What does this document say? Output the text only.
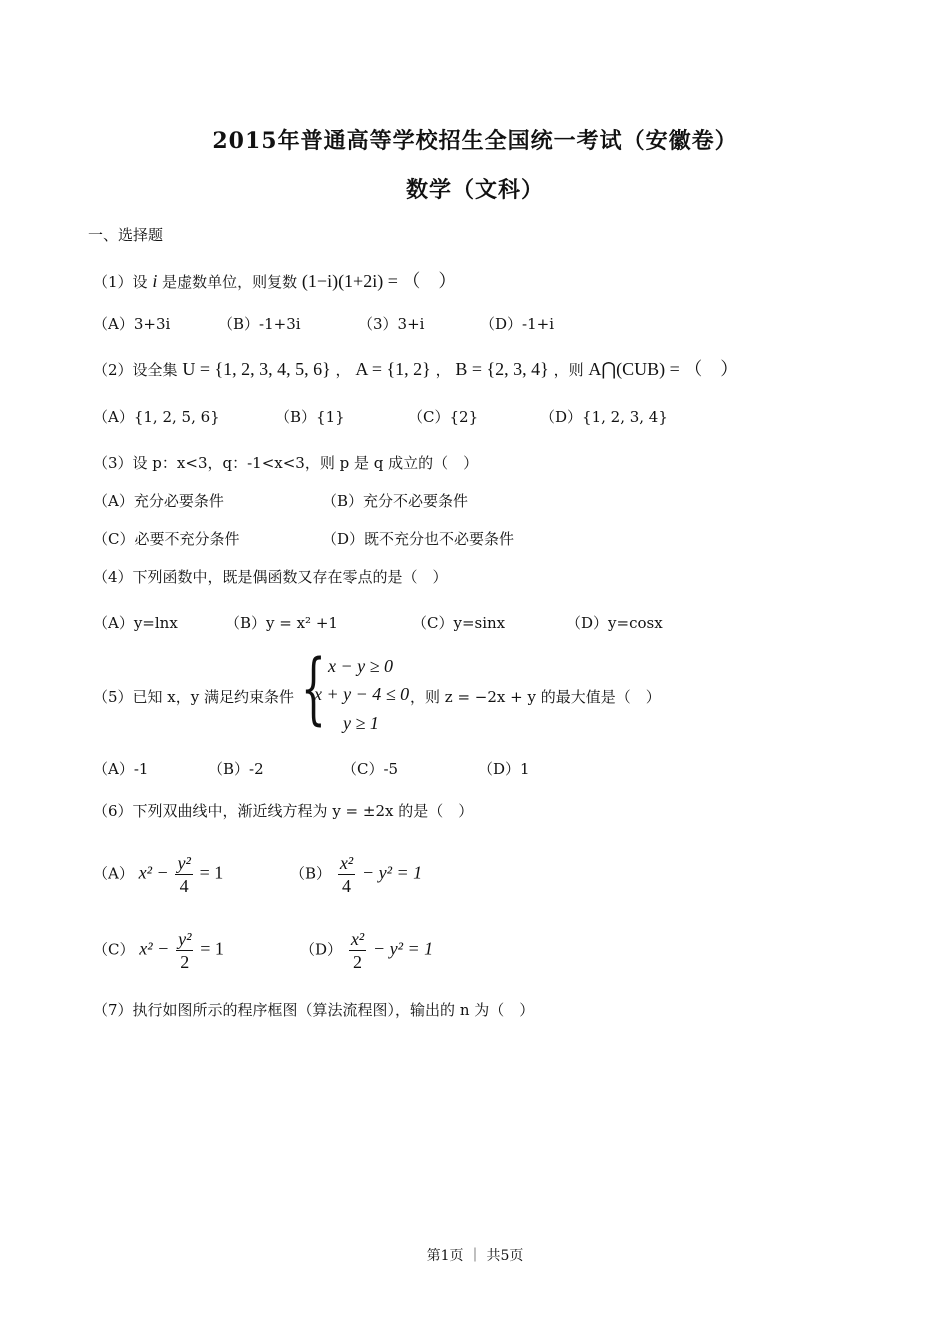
2015年普通高等学校招生全国统一考试（安徽卷）
数学（文科）
一、选择题
（1）设 i 是虚数单位，则复数 (1−i)(1+2i) = （　）
（A）3+3i	（B）-1+3i	（3）3+i	（D）-1+i
（2）设全集 U = {1, 2, 3, 4, 5, 6} ， A = {1, 2} ， B = {2, 3, 4} ，则 A⋂(CUB) = （　）
（A）{1, 2, 5, 6}	（B）{1}	（C）{2}	（D）{1, 2, 3, 4}
（3）设 p：x<3，q：-1<x<3，则 p 是 q 成立的（　）
（A）充分必要条件	（B）充分不必要条件
（C）必要不充分条件	（D）既不充分也不必要条件
（4）下列函数中，既是偶函数又存在零点的是（　）
（A）y=lnx	（B）y = x² +1	（C）y=sinx	（D）y=cosx
（5）已知 x，y 满足约束条件 { x − y ≥ 0
x + y − 4 ≤ 0
y ≥ 1
，则 z = −2x + y 的最大值是（　）
（A）-1	（B）-2	（C）-5	（D）1
（6）下列双曲线中，渐近线方程为 y = ±2x 的是（　）
（A） $x^2 - \frac{\text{y²}}{4} = 1$	$(B) \frac{\text{x²}}{4} - y^2 = 1$
（C） $x^2 - \frac{\text{y²}}{2} = 1$	$(D) \frac{\text{x²}}{2} - y^2 = 1$
（7）执行如图所示的程序框图（算法流程图），输出的 n 为（　）
第1页 ｜ 共5页
